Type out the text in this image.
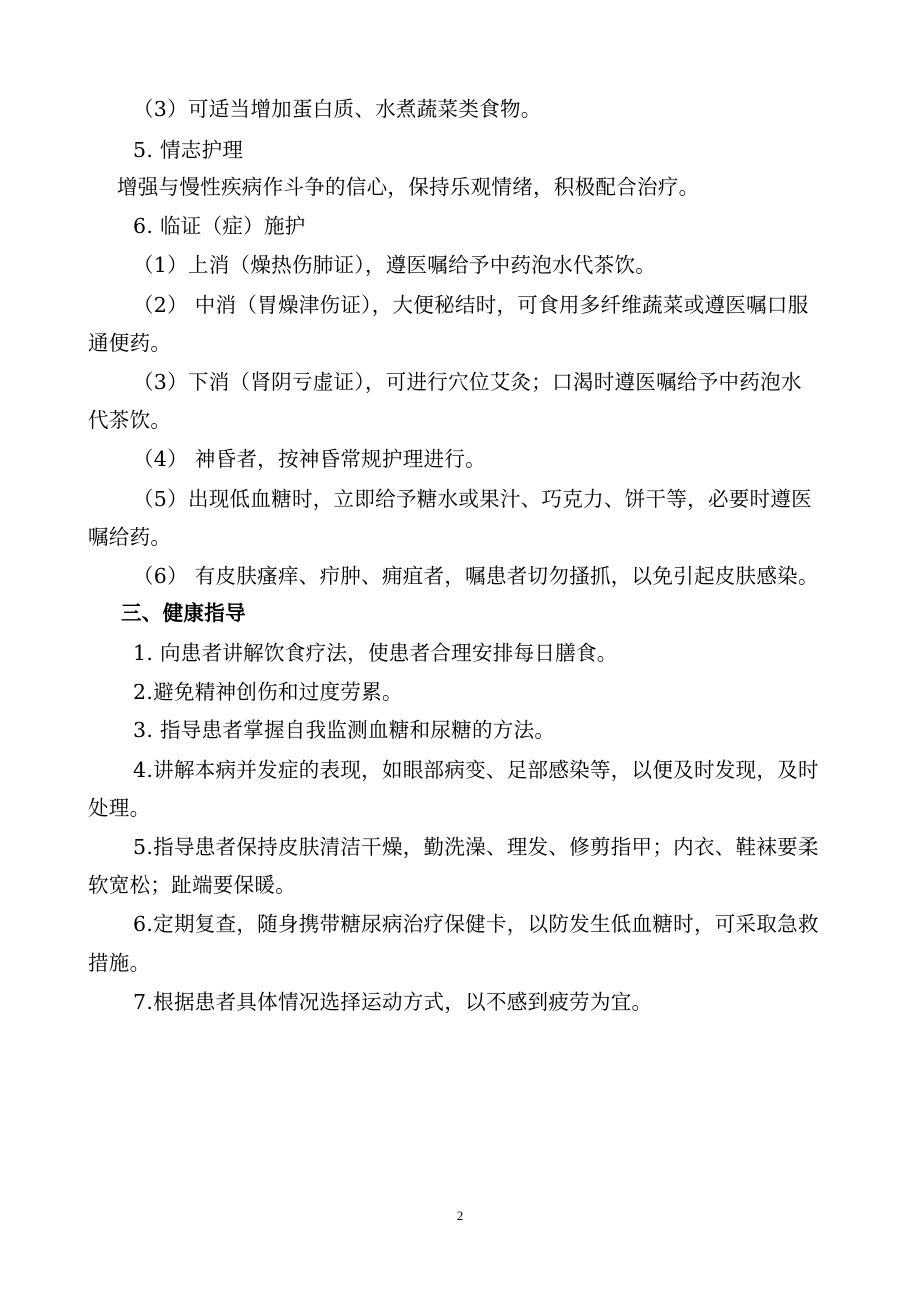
（3）可适当增加蛋白质、水煮蔬菜类食物。
5. 情志护理
增强与慢性疾病作斗争的信心，保持乐观情绪，积极配合治疗。
6. 临证（症）施护
（1）上消（燥热伤肺证），遵医嘱给予中药泡水代茶饮。
（2） 中消（胃燥津伤证），大便秘结时，可食用多纤维蔬菜或遵医嘱口服
通便药。
（3）下消（肾阴亏虚证），可进行穴位艾灸；口渴时遵医嘱给予中药泡水
代茶饮。
（4） 神昏者，按神昏常规护理进行。
（5）出现低血糖时，立即给予糖水或果汁、巧克力、饼干等，必要时遵医
嘱给药。
（6） 有皮肤瘙痒、疖肿、痈疽者，嘱患者切勿搔抓，以免引起皮肤感染。
三、健康指导
1. 向患者讲解饮食疗法，使患者合理安排每日膳食。
2.避免精神创伤和过度劳累。
3. 指导患者掌握自我监测血糖和尿糖的方法。
4.讲解本病并发症的表现，如眼部病变、足部感染等，以便及时发现，及时
处理。
5.指导患者保持皮肤清洁干燥，勤洗澡、理发、修剪指甲；内衣、鞋袜要柔
软宽松；趾端要保暖。
6.定期复查，随身携带糖尿病治疗保健卡，以防发生低血糖时，可采取急救
措施。
7.根据患者具体情况选择运动方式，以不感到疲劳为宜。
2
